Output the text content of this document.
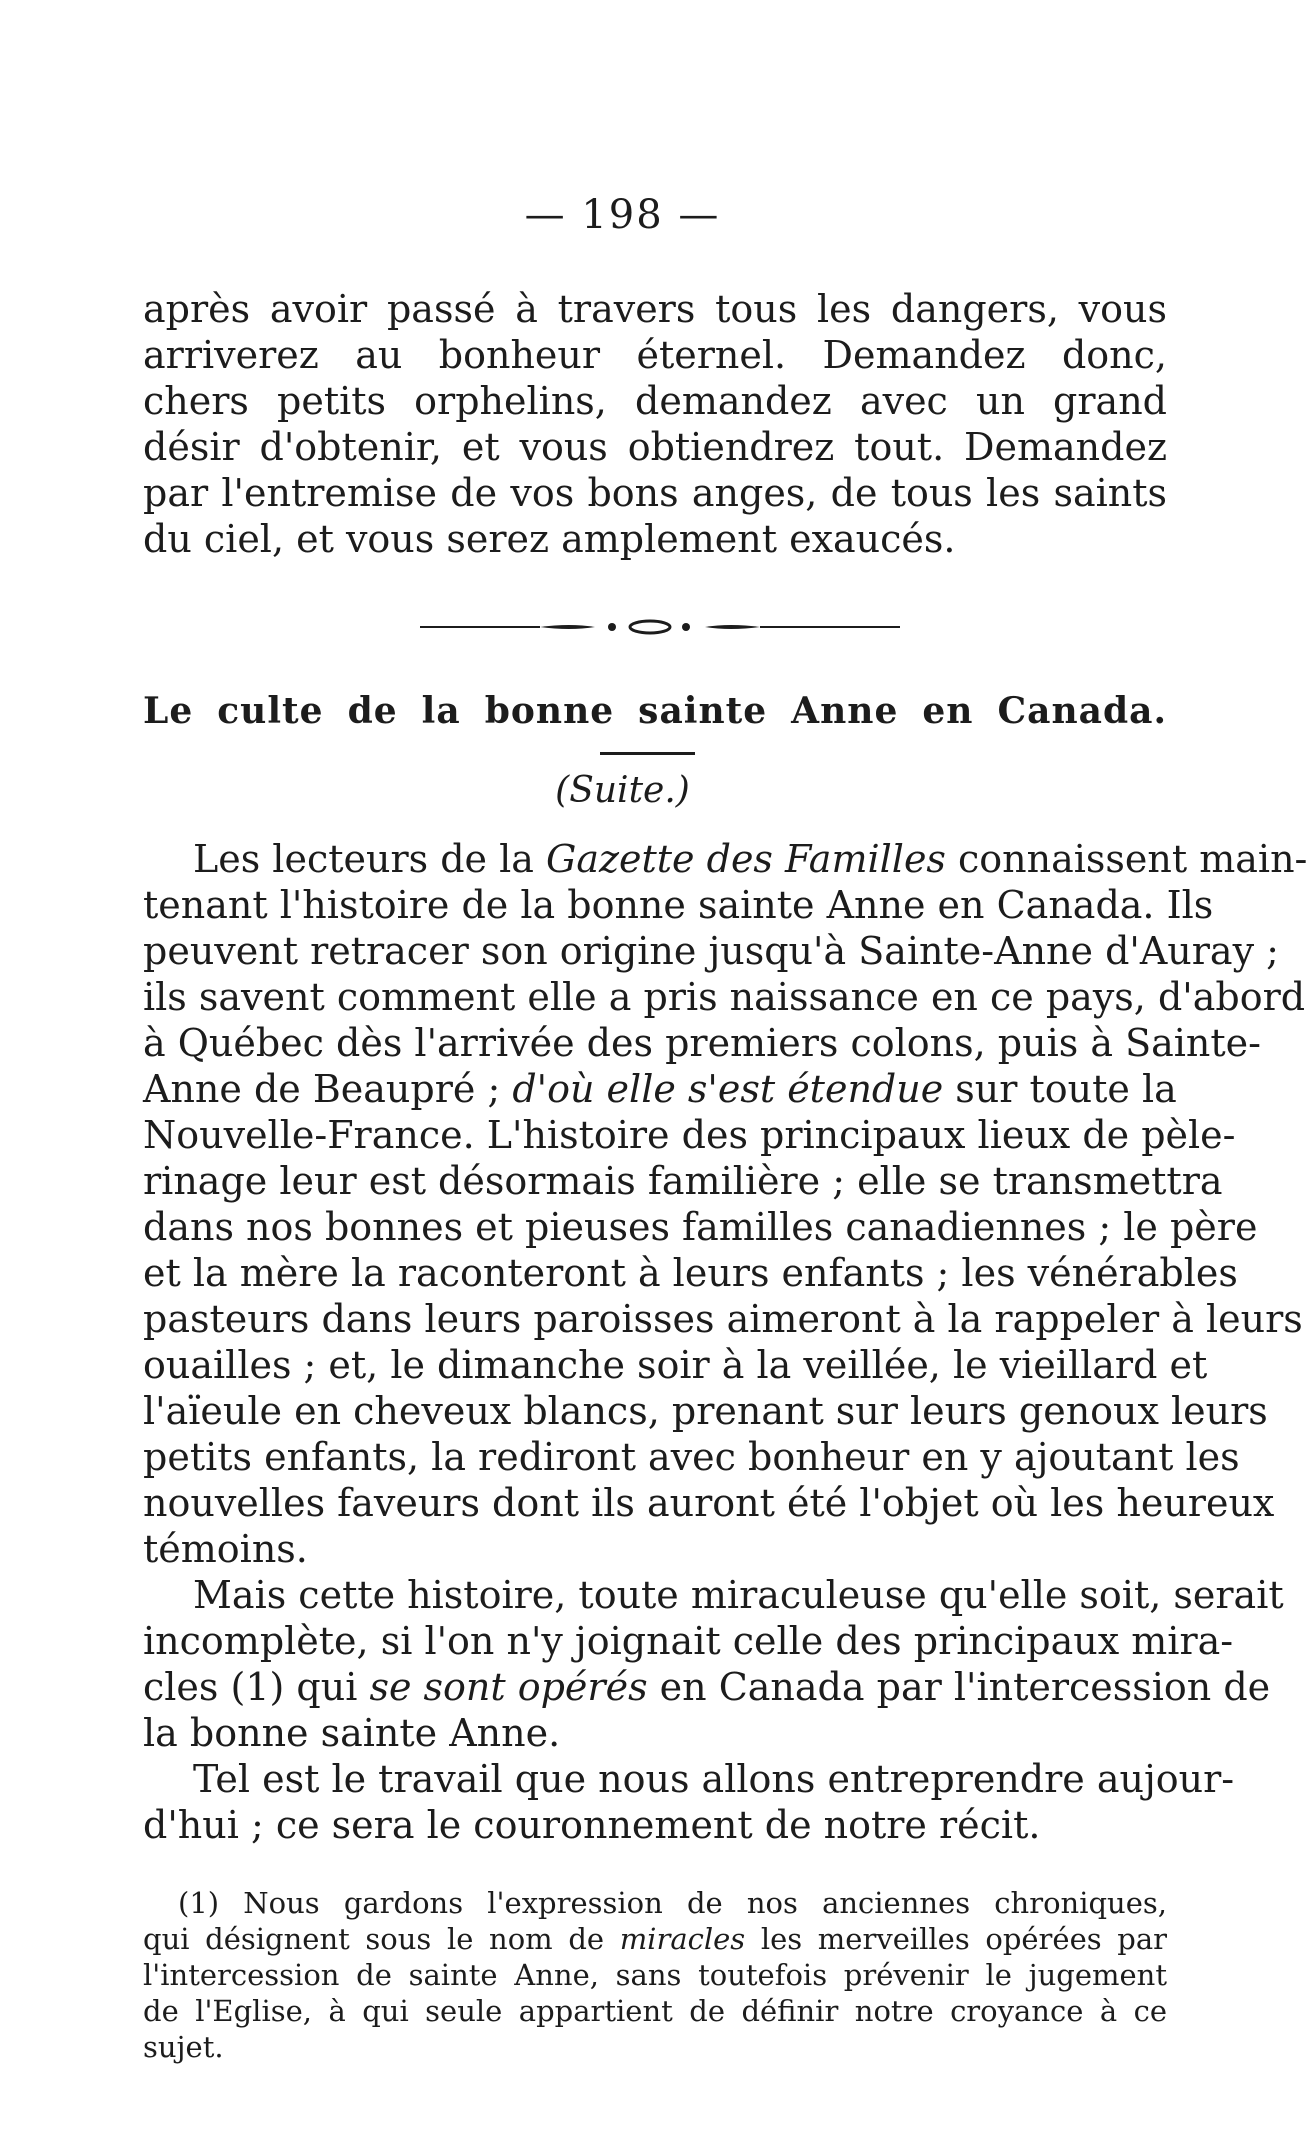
— 198 —
après avoir passé à travers tous les dangers, vous
arriverez au bonheur éternel. Demandez donc,
chers petits orphelins, demandez avec un grand
désir d'obtenir, et vous obtiendrez tout. Demandez
par l'entremise de vos bons anges, de tous les saints
du ciel, et vous serez amplement exaucés.
Le culte de la bonne sainte Anne en Canada.
(Suite.)
Les lecteurs de la Gazette des Familles connaissent main-
tenant l'histoire de la bonne sainte Anne en Canada. Ils
peuvent retracer son origine jusqu'à Sainte-Anne d'Auray ;
ils savent comment elle a pris naissance en ce pays, d'abord
à Québec dès l'arrivée des premiers colons, puis à Sainte-
Anne de Beaupré ; d'où elle s'est étendue sur toute la
Nouvelle-France. L'histoire des principaux lieux de pèle-
rinage leur est désormais familière ; elle se transmettra
dans nos bonnes et pieuses familles canadiennes ; le père
et la mère la raconteront à leurs enfants ; les vénérables
pasteurs dans leurs paroisses aimeront à la rappeler à leurs
ouailles ; et, le dimanche soir à la veillée, le vieillard et
l'aïeule en cheveux blancs, prenant sur leurs genoux leurs
petits enfants, la rediront avec bonheur en y ajoutant les
nouvelles faveurs dont ils auront été l'objet où les heureux
témoins.
Mais cette histoire, toute miraculeuse qu'elle soit, serait
incomplète, si l'on n'y joignait celle des principaux mira-
cles (1) qui se sont opérés en Canada par l'intercession de
la bonne sainte Anne.
Tel est le travail que nous allons entreprendre aujour-
d'hui ; ce sera le couronnement de notre récit.
(1) Nous gardons l'expression de nos anciennes chroniques,
qui désignent sous le nom de miracles les merveilles opérées par
l'intercession de sainte Anne, sans toutefois prévenir le jugement
de l'Eglise, à qui seule appartient de définir notre croyance à ce
sujet.
